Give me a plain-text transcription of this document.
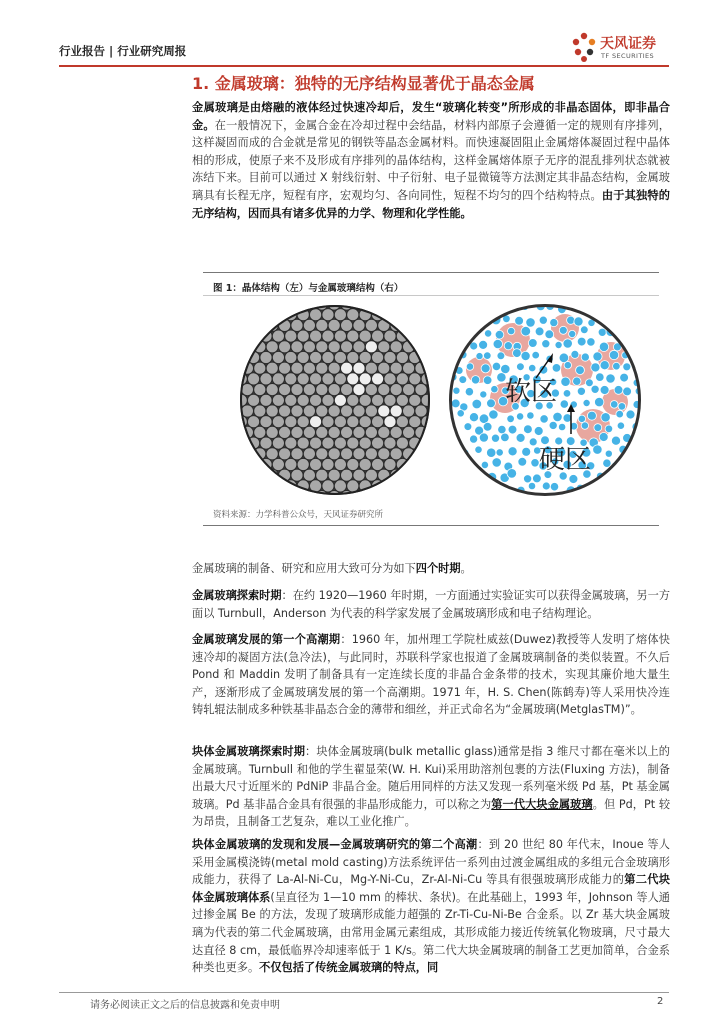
行业报告 | 行业研究周报	天风证券
TF SECURITIES
1. 金属玻璃：独特的无序结构显著优于晶态金属
金属玻璃是由熔融的液体经过快速冷却后，发生“玻璃化转变”所形成的非晶态固体，即非晶合金。在一般情况下，金属合金在冷却过程中会结晶，材料内部原子会遵循一定的规则有序排列，这样凝固而成的合金就是常见的钢铁等晶态金属材料。而快速凝固阻止金属熔体凝固过程中晶体相的形成，使原子来不及形成有序排列的晶体结构，这样金属熔体原子无序的混乱排列状态就被冻结下来。目前可以通过 X 射线衍射、中子衍射、电子显微镜等方法测定其非晶态结构，金属玻璃具有长程无序，短程有序，宏观均匀、各向同性，短程不均匀的四个结构特点。由于其独特的无序结构，因而具有诸多优异的力学、物理和化学性能。
图 1：晶体结构（左）与金属玻璃结构（右）
软区
硬区
资料来源：力学科普公众号，天风证券研究所
金属玻璃的制备、研究和应用大致可分为如下四个时期。
金属玻璃探索时期：在约 1920—1960 年时期，一方面通过实验证实可以获得金属玻璃，另一方面以 Turnbull，Anderson 为代表的科学家发展了金属玻璃形成和电子结构理论。
金属玻璃发展的第一个高潮期：1960 年，加州理工学院杜威兹(Duwez)教授等人发明了熔体快速冷却的凝固方法(急冷法)，与此同时，苏联科学家也报道了金属玻璃制备的类似装置。不久后 Pond 和 Maddin 发明了制备具有一定连续长度的非晶合金条带的技术，实现其廉价地大量生产，逐渐形成了金属玻璃发展的第一个高潮期。1971 年，H. S. Chen(陈鹤寿)等人采用快冷连铸轧辊法制成多种铁基非晶态合金的薄带和细丝，并正式命名为“金属玻璃(MetglasTM)”。
块体金属玻璃探索时期：块体金属玻璃(bulk metallic glass)通常是指 3 维尺寸都在毫米以上的金属玻璃。Turnbull 和他的学生翟显荣(W. H. Kui)采用助溶剂包裹的方法(Fluxing 方法)，制备出最大尺寸近厘米的 PdNiP 非晶合金。随后用同样的方法又发现一系列毫米级 Pd 基，Pt 基金属玻璃。Pd 基非晶合金具有很强的非晶形成能力，可以称之为第一代大块金属玻璃。但 Pd，Pt 较为昂贵，且制备工艺复杂，难以工业化推广。
块体金属玻璃的发现和发展—金属玻璃研究的第二个高潮：到 20 世纪 80 年代末，Inoue 等人采用金属模浇铸(metal mold casting)方法系统评估一系列由过渡金属组成的多组元合金玻璃形成能力，获得了 La-Al-Ni-Cu，Mg-Y-Ni-Cu，Zr-Al-Ni-Cu 等具有很强玻璃形成能力的第二代块体金属玻璃体系(呈直径为 1—10 mm 的棒状、条状)。在此基础上，1993 年，Johnson 等人通过掺金属 Be 的方法，发现了玻璃形成能力超强的 Zr-Ti-Cu-Ni-Be 合金系。以 Zr 基大块金属玻璃为代表的第二代金属玻璃，由常用金属元素组成，其形成能力接近传统氧化物玻璃，尺寸最大达直径 8 cm，最低临界冷却速率低于 1 K/s。第二代大块金属玻璃的制备工艺更加简单，合金系种类也更多。不仅包括了传统金属玻璃的特点，同
请务必阅读正文之后的信息披露和免责申明	2
